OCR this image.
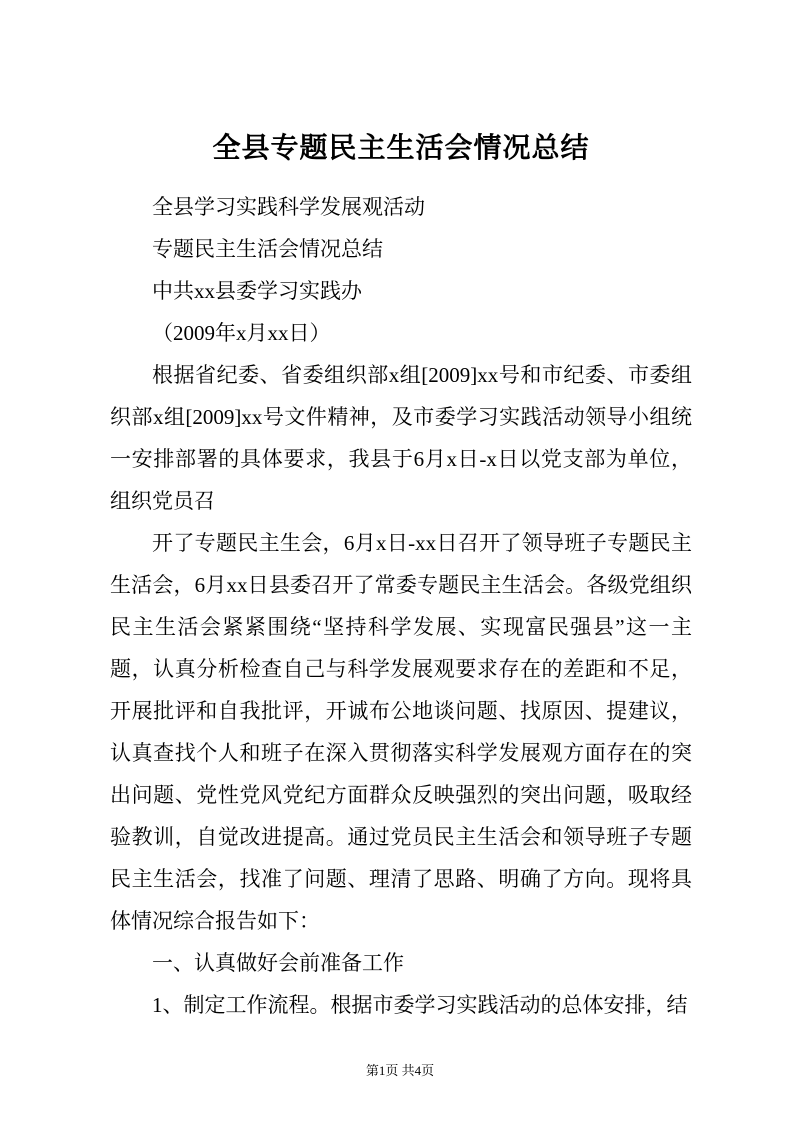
全县专题民主生活会情况总结

全县学习实践科学发展观活动

专题民主生活会情况总结

中共xx县委学习实践办

（2009年x月xx日）

根据省纪委、省委组织部x组[2009]xx号和市纪委、市委组织部x组[2009]xx号文件精神，及市委学习实践活动领导小组统一安排部署的具体要求，我县于6月x日-x日以党支部为单位，组织党员召

开了专题民主生会，6月x日-xx日召开了领导班子专题民主生活会，6月xx日县委召开了常委专题民主生活会。各级党组织民主生活会紧紧围绕“坚持科学发展、实现富民强县”这一主题，认真分析检查自己与科学发展观要求存在的差距和不足，开展批评和自我批评，开诚布公地谈问题、找原因、提建议，认真查找个人和班子在深入贯彻落实科学发展观方面存在的突出问题、党性党风党纪方面群众反映强烈的突出问题，吸取经验教训，自觉改进提高。通过党员民主生活会和领导班子专题民主生活会，找准了问题、理清了思路、明确了方向。现将具体情况综合报告如下：

一、认真做好会前准备工作

1、制定工作流程。根据市委学习实践活动的总体安排，结

第1页 共4页
